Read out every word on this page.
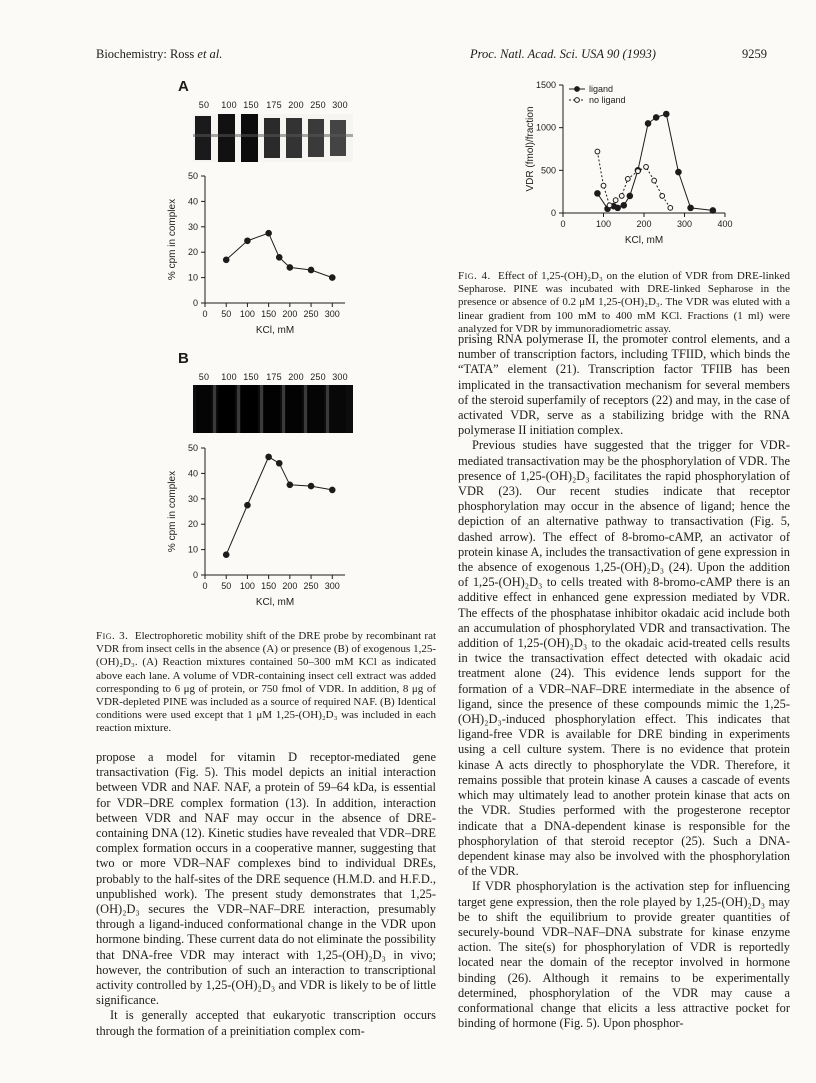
Biochemistry: Ross et al.	Proc. Natl. Acad. Sci. USA 90 (1993)	9259
A
50 100 150 175 200 250 300
0
10
20
30
40
50
0 50 100 150 200 250 300
KCl, mM
% cpm in complex
B
50 100 150 175 200 250 300
0
10
20
30
40
50
0 50 100 150 200 250 300
KCl, mM
% cpm in complex
Fig. 3. Electrophoretic mobility shift of the DRE probe by recombinant rat VDR from insect cells in the absence (A) or presence (B) of exogenous 1,25-(OH)₂D₃. (A) Reaction mixtures contained 50–300 mM KCl as indicated above each lane. A volume of VDR-containing insect cell extract was added corresponding to 6 μg of protein, or 750 fmol of VDR. In addition, 8 μg of VDR-depleted PINE was included as a source of required NAF. (B) Identical conditions were used except that 1 μM 1,25-(OH)₂D₃ was included in each reaction mixture.

propose a model for vitamin D receptor-mediated gene transactivation (Fig. 5). This model depicts an initial interaction between VDR and NAF. NAF, a protein of 59–64 kDa, is essential for VDR–DRE complex formation (13). In addition, interaction between VDR and NAF may occur in the absence of DRE-containing DNA (12). Kinetic studies have revealed that VDR–DRE complex formation occurs in a cooperative manner, suggesting that two or more VDR–NAF complexes bind to individual DREs, probably to the half-sites of the DRE sequence (H.M.D. and H.F.D., unpublished work). The present study demonstrates that 1,25-(OH)₂D₃ secures the VDR–NAF–DRE interaction, presumably through a ligand-induced conformational change in the VDR upon hormone binding. These current data do not eliminate the possibility that DNA-free VDR may interact with 1,25-(OH)₂D₃ in vivo; however, the contribution of such an interaction to transcriptional activity controlled by 1,25-(OH)₂D₃ and VDR is likely to be of little significance.

It is generally accepted that eukaryotic transcription occurs through the formation of a preinitiation complex com-

0
500
1000
1500
0	100	200	300	400
KCl, mM
VDR (fmol)/fraction
ligand
no ligand
Fig. 4. Effect of 1,25-(OH)₂D₃ on the elution of VDR from DRE-linked Sepharose. PINE was incubated with DRE-linked Sepharose in the presence or absence of 0.2 μM 1,25-(OH)₂D₃. The VDR was eluted with a linear gradient from 100 mM to 400 mM KCl. Fractions (1 ml) were analyzed for VDR by immunoradiometric assay.

prising RNA polymerase II, the promoter control elements, and a number of transcription factors, including TFIID, which binds the “TATA” element (21). Transcription factor TFIIB has been implicated in the transactivation mechanism for several members of the steroid superfamily of receptors (22) and may, in the case of activated VDR, serve as a stabilizing bridge with the RNA polymerase II initiation complex.

Previous studies have suggested that the trigger for VDR-mediated transactivation may be the phosphorylation of VDR. The presence of 1,25-(OH)₂D₃ facilitates the rapid phosphorylation of VDR (23). Our recent studies indicate that receptor phosphorylation may occur in the absence of ligand; hence the depiction of an alternative pathway to transactivation (Fig. 5, dashed arrow). The effect of 8-bromo-cAMP, an activator of protein kinase A, includes the transactivation of gene expression in the absence of exogenous 1,25-(OH)₂D₃ (24). Upon the addition of 1,25-(OH)₂D₃ to cells treated with 8-bromo-cAMP there is an additive effect in enhanced gene expression mediated by VDR. The effects of the phosphatase inhibitor okadaic acid include both an accumulation of phosphorylated VDR and transactivation. The addition of 1,25-(OH)₂D₃ to the okadaic acid-treated cells results in twice the transactivation effect detected with okadaic acid treatment alone (24). This evidence lends support for the formation of a VDR–NAF–DRE intermediate in the absence of ligand, since the presence of these compounds mimic the 1,25-(OH)₂D₃-induced phosphorylation effect. This indicates that ligand-free VDR is available for DRE binding in experiments using a cell culture system. There is no evidence that protein kinase A acts directly to phosphorylate the VDR. Therefore, it remains possible that protein kinase A causes a cascade of events which may ultimately lead to another protein kinase that acts on the VDR. Studies performed with the progesterone receptor indicate that a DNA-dependent kinase is responsible for the phosphorylation of that steroid receptor (25). Such a DNA-dependent kinase may also be involved with the phosphorylation of the VDR.

If VDR phosphorylation is the activation step for influencing target gene expression, then the role played by 1,25-(OH)₂D₃ may be to shift the equilibrium to provide greater quantities of securely-bound VDR–NAF–DNA substrate for kinase enzyme action. The site(s) for phosphorylation of VDR is reportedly located near the domain of the receptor involved in hormone binding (26). Although it remains to be experimentally determined, phosphorylation of the VDR may cause a conformational change that elicits a less attractive pocket for binding of hormone (Fig. 5). Upon phosphor-
